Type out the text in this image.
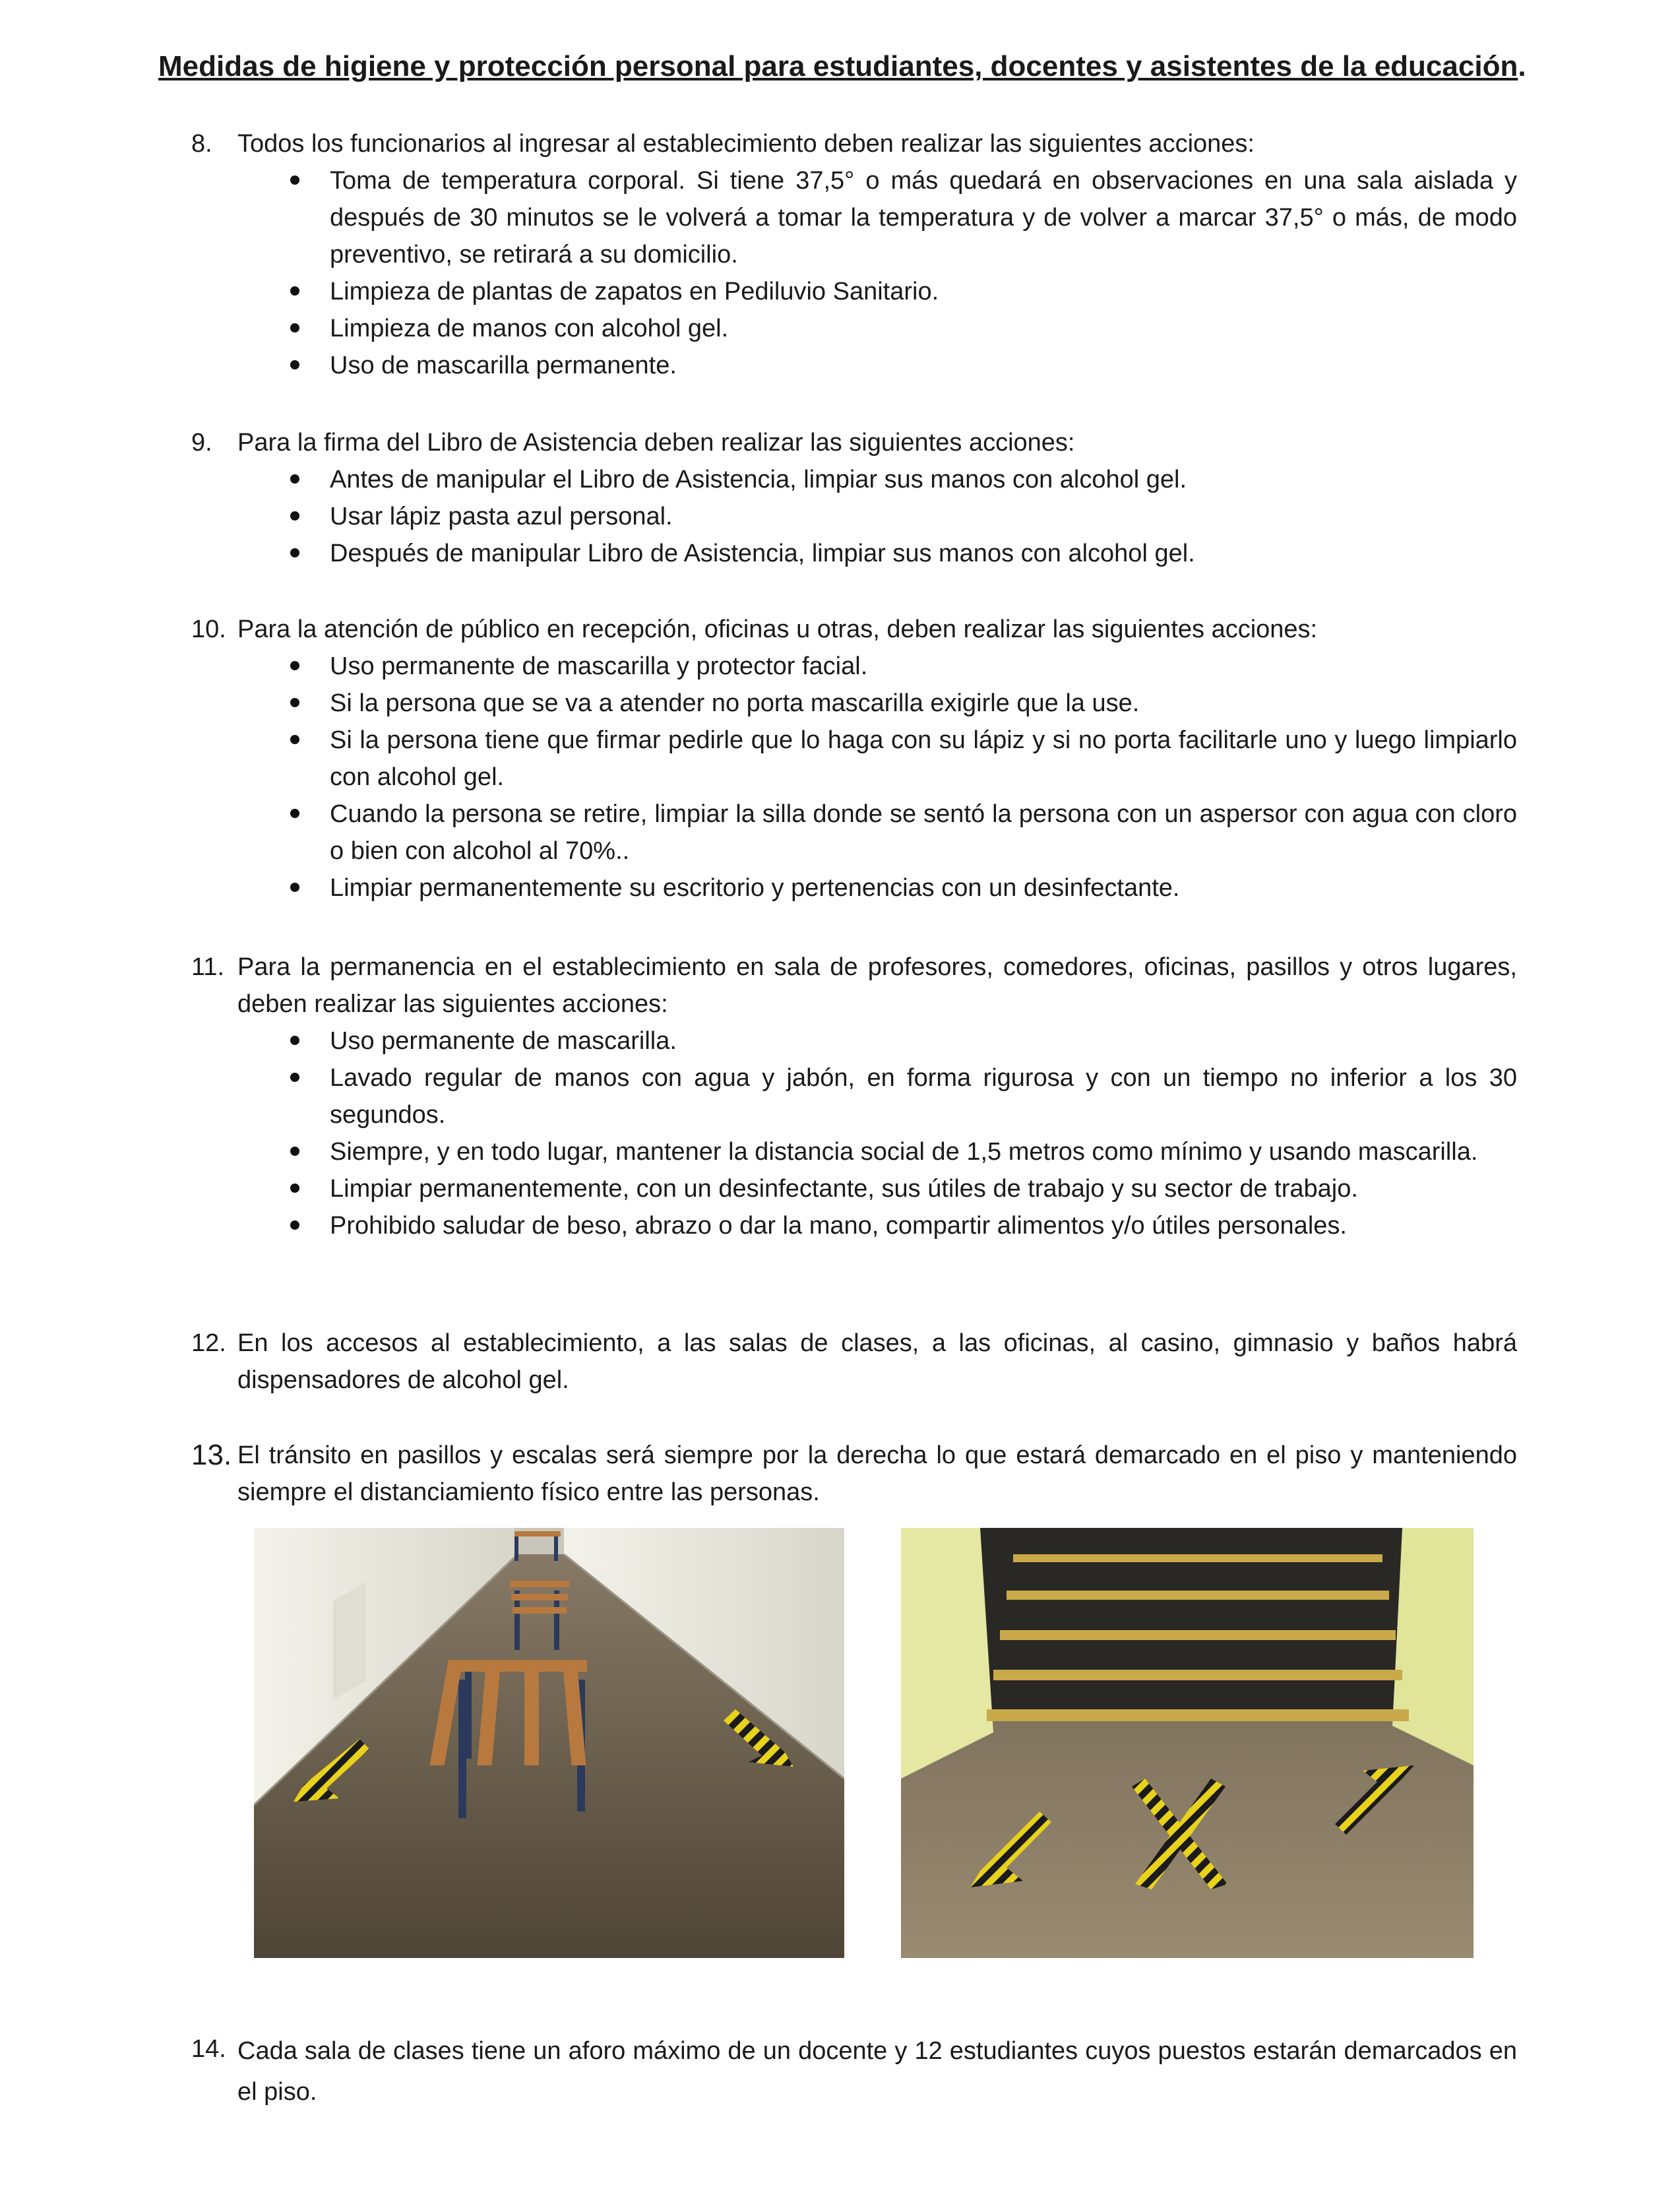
Medidas de higiene y protección personal para estudiantes, docentes y asistentes de la educación.
8. Todos los funcionarios al ingresar al establecimiento deben realizar las siguientes acciones:
Toma de temperatura corporal. Si tiene 37,5° o más quedará en observaciones en una sala aislada y después de 30 minutos se le volverá a tomar la temperatura y de volver a marcar 37,5° o más, de modo preventivo, se retirará a su domicilio.
Limpieza de plantas de zapatos en Pediluvio Sanitario.
Limpieza de manos con alcohol gel.
Uso de mascarilla permanente.
9. Para la firma del Libro de Asistencia deben realizar las siguientes acciones:
Antes de manipular el Libro de Asistencia, limpiar sus manos con alcohol gel.
Usar lápiz pasta azul personal.
Después de manipular Libro de Asistencia, limpiar sus manos con alcohol gel.
10. Para la atención de público en recepción, oficinas u otras, deben realizar las siguientes acciones:
Uso permanente de mascarilla y protector facial.
Si la persona que se va a atender no porta mascarilla exigirle que la use.
Si la persona tiene que firmar pedirle que lo haga con su lápiz y si no porta facilitarle uno y luego limpiarlo con alcohol gel.
Cuando la persona se retire, limpiar la silla donde se sentó la persona con un aspersor con agua con cloro o bien con alcohol al 70%..
Limpiar permanentemente su escritorio y pertenencias con un desinfectante.
11. Para la permanencia en el establecimiento en sala de profesores, comedores, oficinas, pasillos y otros lugares, deben realizar las siguientes acciones:
Uso permanente de mascarilla.
Lavado regular de manos con agua y jabón, en forma rigurosa y con un tiempo no inferior a los 30 segundos.
Siempre, y en todo lugar, mantener la distancia social de 1,5 metros como mínimo y usando mascarilla.
Limpiar permanentemente, con un desinfectante, sus útiles de trabajo y su sector de trabajo.
Prohibido saludar de beso, abrazo o dar la mano, compartir alimentos y/o útiles personales.
12. En los accesos al establecimiento, a las salas de clases, a las oficinas, al casino, gimnasio y baños habrá dispensadores de alcohol gel.
13. El tránsito en pasillos y escalas será siempre por la derecha lo que estará demarcado en el piso y manteniendo siempre el distanciamiento físico entre las personas.
14. Cada sala de clases tiene un aforo máximo de un docente y 12 estudiantes cuyos puestos estarán demarcados en el piso.
